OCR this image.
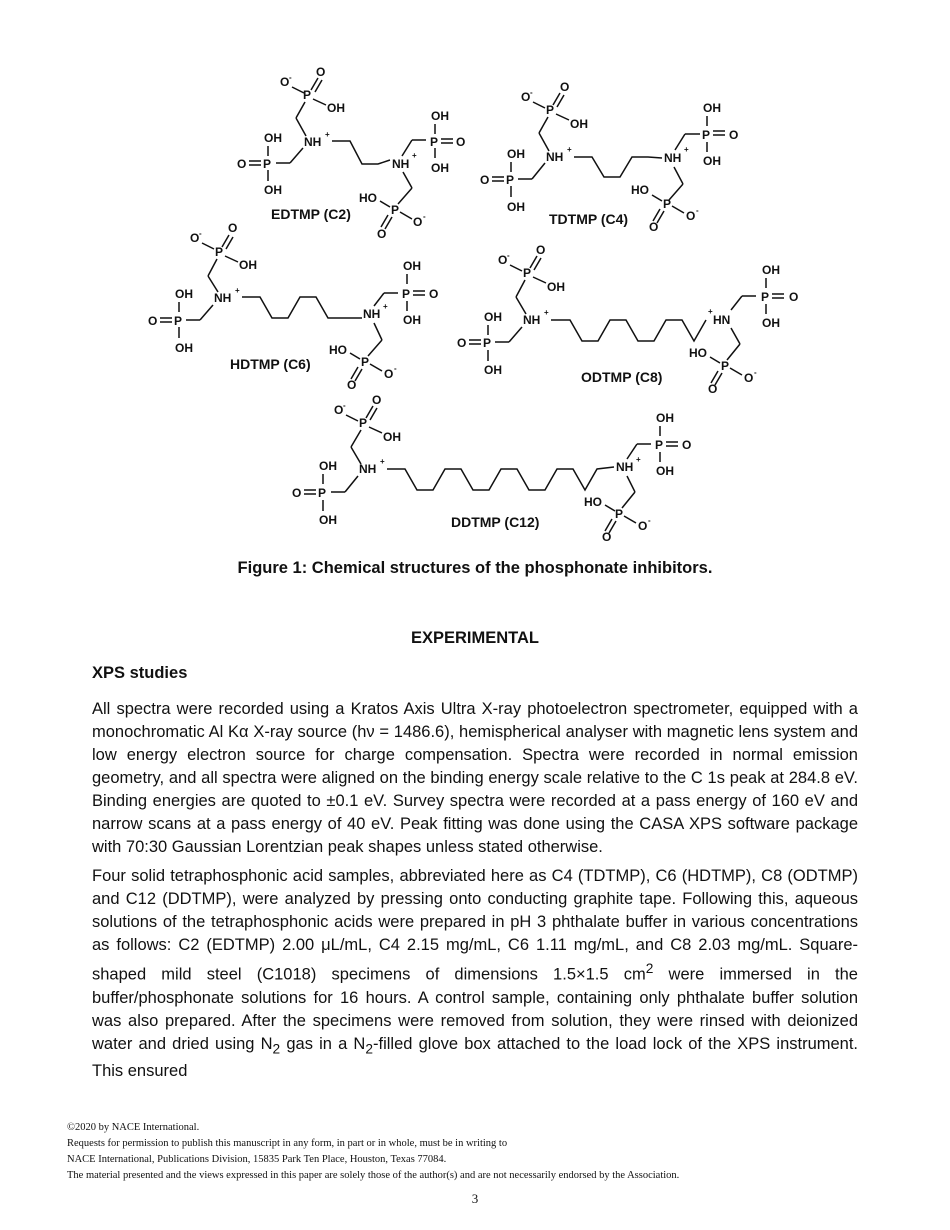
O -
P
O
OH
NH
+
OH
P
O
OH
NH
+
OH
P O
OH
HO
P
O
O -
EDTMP (C2)
O -
P
O
OH
NH
+
OH
P
O
OH
NH
+
OH
P O
OH
HO
P
O
O -
TDTMP (C4)
O -
P
O
OH
NH
+
OH
P
O
OH
NH
+
OH
P O
OH
HO
P
O
O -
HDTMP (C6)
O -
P
O
OH
NH
+
OH
P
O
OH
+
HN
OH
P O
OH
HO
P
O
O -
ODTMP (C8)
O -
P
O
OH
NH
+
OH
P
O
OH
NH
+
OH
P O
OH
HO
P
O
O -
DDTMP (C12)
Figure 1: Chemical structures of the phosphonate inhibitors.
EXPERIMENTAL
XPS studies

All spectra were recorded using a Kratos Axis Ultra X-ray photoelectron spectrometer, equipped with a monochromatic Al Kα X-ray source (hν = 1486.6), hemispherical analyser with magnetic lens system and low energy electron source for charge compensation. Spectra were recorded in normal emission geometry, and all spectra were aligned on the binding energy scale relative to the C 1s peak at 284.8 eV. Binding energies are quoted to ±0.1 eV. Survey spectra were recorded at a pass energy of 160 eV and narrow scans at a pass energy of 40 eV. Peak fitting was done using the CASA XPS software package with 70:30 Gaussian Lorentzian peak shapes unless stated otherwise.

Four solid tetraphosphonic acid samples, abbreviated here as C4 (TDTMP), C6 (HDTMP), C8 (ODTMP) and C12 (DDTMP), were analyzed by pressing onto conducting graphite tape. Following this, aqueous solutions of the tetraphosphonic acids were prepared in pH 3 phthalate buffer in various concentrations as follows: C2 (EDTMP) 2.00 μL/mL, C4 2.15 mg/mL, C6 1.11 mg/mL, and C8 2.03 mg/mL. Square-shaped mild steel (C1018) specimens of dimensions 1.5×1.5 $cm^2$ were immersed in the buffer/phosphonate solutions for 16 hours. A control sample, containing only phthalate buffer solution was also prepared. After the specimens were removed from solution, they were rinsed with deionized water and dried using $N_2$ gas in a $N_2$-filled glove box attached to the load lock of the XPS instrument. This ensured

©2020 by NACE International.
Requests for permission to publish this manuscript in any form, in part or in whole, must be in writing to
NACE International, Publications Division, 15835 Park Ten Place, Houston, Texas 77084.
The material presented and the views expressed in this paper are solely those of the author(s) and are not necessarily endorsed by the Association.
3
